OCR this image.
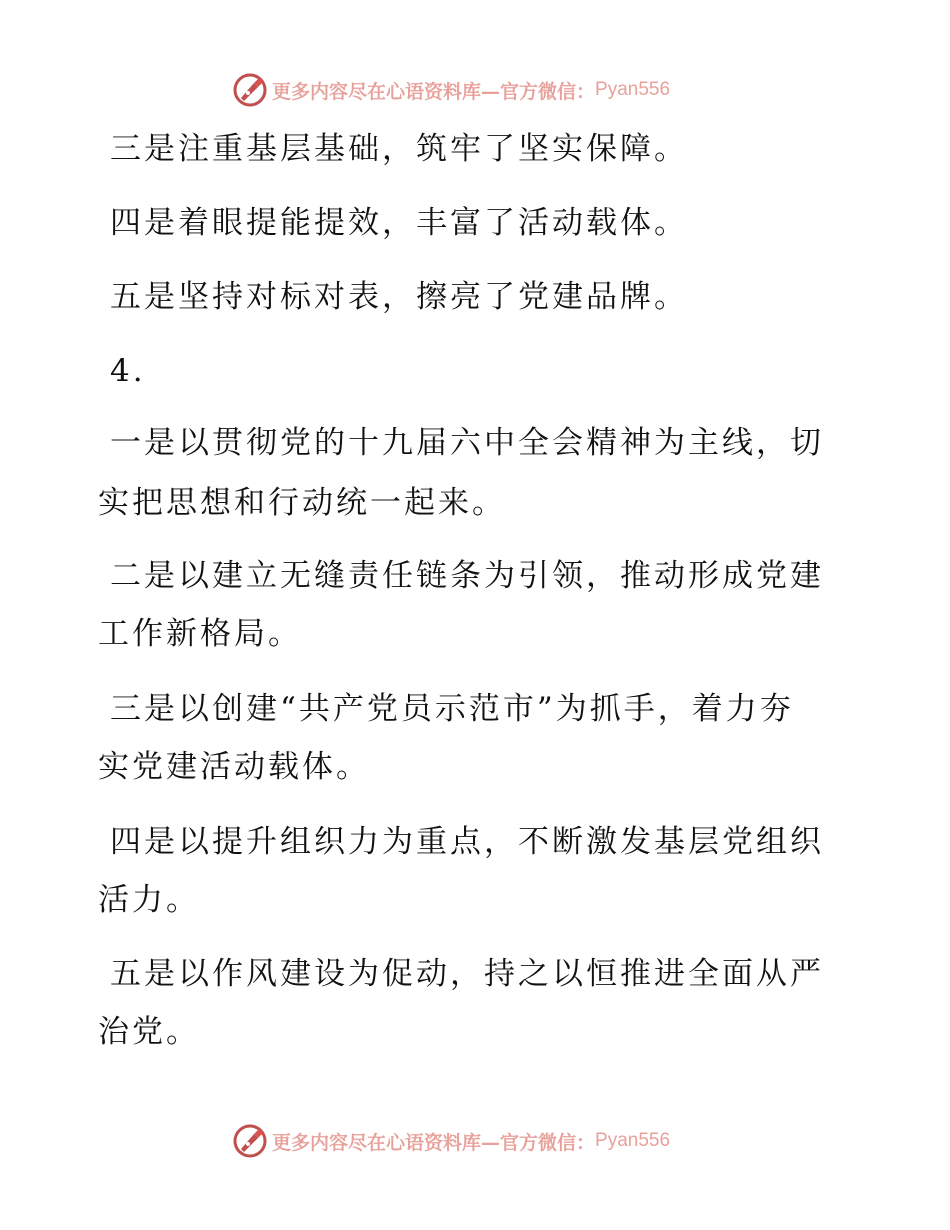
更多内容尽在心语资料库—官方微信： Pyan556
三是注重基层基础，筑牢了坚实保障。
四是着眼提能提效，丰富了活动载体。
五是坚持对标对表，擦亮了党建品牌。
4.
一是以贯彻党的十九届六中全会精神为主线，切
实把思想和行动统一起来。
二是以建立无缝责任链条为引领，推动形成党建
工作新格局。
三是以创建“共产党员示范市”为抓手，着力夯
实党建活动载体。
四是以提升组织力为重点，不断激发基层党组织
活力。
五是以作风建设为促动，持之以恒推进全面从严
治党。
更多内容尽在心语资料库—官方微信： Pyan556
